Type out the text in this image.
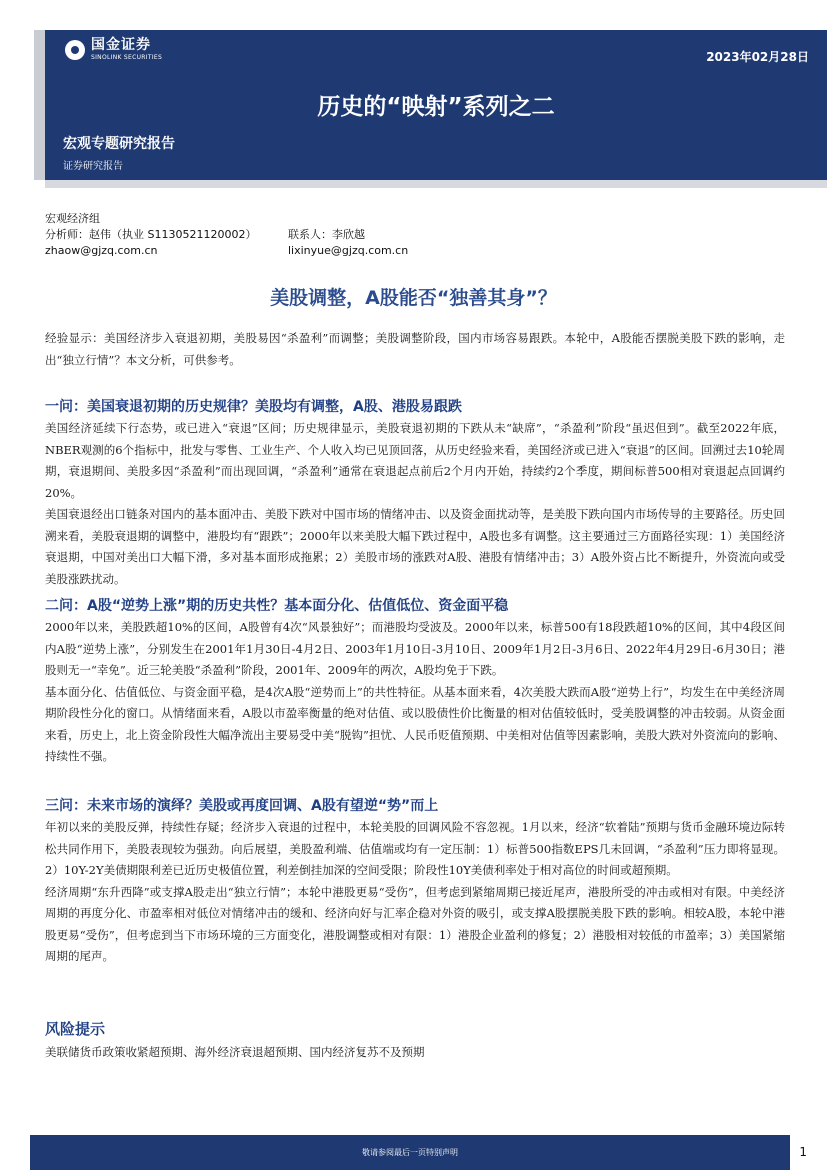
国金证券
SINOLINK SECURITIES	2023年02月28日
历史的“映射”系列之二
宏观专题研究报告
证券研究报告
宏观经济组
分析师：赵伟（执业 S1130521120002）	联系人：李欣越
zhaow@gjzq.com.cn	lixinyue@gjzq.com.cn
美股调整，A股能否“独善其身”？
经验显示：美国经济步入衰退初期，美股易因“杀盈利”而调整；美股调整阶段，国内市场容易跟跌。本轮中，A股能否摆脱美股下跌的影响，走出“独立行情”？本文分析，可供参考。
一问：美国衰退初期的历史规律？美股均有调整，A股、港股易跟跌

美国经济延续下行态势，或已进入“衰退”区间；历史规律显示，美股衰退初期的下跌从未“缺席”，“杀盈利”阶段“虽迟但到”。截至2022年底，NBER观测的6个指标中，批发与零售、工业生产、个人收入均已见顶回落，从历史经验来看，美国经济或已进入“衰退”的区间。回溯过去10轮周期，衰退期间、美股多因“杀盈利”而出现回调，“杀盈利”通常在衰退起点前后2个月内开始，持续约2个季度，期间标普500相对衰退起点回调约20%。

美国衰退经出口链条对国内的基本面冲击、美股下跌对中国市场的情绪冲击、以及资金面扰动等，是美股下跌向国内市场传导的主要路径。历史回溯来看，美股衰退期的调整中，港股均有“跟跌”；2000年以来美股大幅下跌过程中，A股也多有调整。这主要通过三方面路径实现：1）美国经济衰退期，中国对美出口大幅下滑，多对基本面形成拖累；2）美股市场的涨跌对A股、港股有情绪冲击；3）A股外资占比不断提升，外资流向或受美股涨跌扰动。

二问：A股“逆势上涨”期的历史共性？基本面分化、估值低位、资金面平稳

2000年以来，美股跌超10%的区间，A股曾有4次“风景独好”；而港股均受波及。2000年以来，标普500有18段跌超10%的区间，其中4段区间内A股“逆势上涨”，分别发生在2001年1月30日-4月2日、2003年1月10日-3月10日、2009年1月2日-3月6日、2022年4月29日-6月30日；港股则无一“幸免”。近三轮美股“杀盈利”阶段，2001年、2009年的两次，A股均免于下跌。

基本面分化、估值低位、与资金面平稳，是4次A股“逆势而上”的共性特征。从基本面来看，4次美股大跌而A股“逆势上行”，均发生在中美经济周期阶段性分化的窗口。从情绪面来看，A股以市盈率衡量的绝对估值、或以股债性价比衡量的相对估值较低时，受美股调整的冲击较弱。从资金面来看，历史上，北上资金阶段性大幅净流出主要易受中美“脱钩”担忧、人民币贬值预期、中美相对估值等因素影响，美股大跌对外资流向的影响、持续性不强。

三问：未来市场的演绎？美股或再度回调、A股有望逆“势”而上

年初以来的美股反弹，持续性存疑；经济步入衰退的过程中，本轮美股的回调风险不容忽视。1月以来，经济“软着陆”预期与货币金融环境边际转松共同作用下，美股表现较为强劲。向后展望，美股盈利端、估值端或均有一定压制：1）标普500指数EPS几未回调，“杀盈利”压力即将显现。2）10Y-2Y美债期限利差已近历史极值位置，利差倒挂加深的空间受限；阶段性10Y美债利率处于相对高位的时间或超预期。

经济周期“东升西降”或支撑A股走出“独立行情”；本轮中港股更易“受伤”，但考虑到紧缩周期已接近尾声，港股所受的冲击或相对有限。中美经济周期的再度分化、市盈率相对低位对情绪冲击的缓和、经济向好与汇率企稳对外资的吸引，或支撑A股摆脱美股下跌的影响。相较A股，本轮中港股更易“受伤”，但考虑到当下市场环境的三方面变化，港股调整或相对有限：1）港股企业盈利的修复；2）港股相对较低的市盈率；3）美国紧缩周期的尾声。

风险提示
美联储货币政策收紧超预期、海外经济衰退超预期、国内经济复苏不及预期
敬请参阅最后一页特别声明	1
